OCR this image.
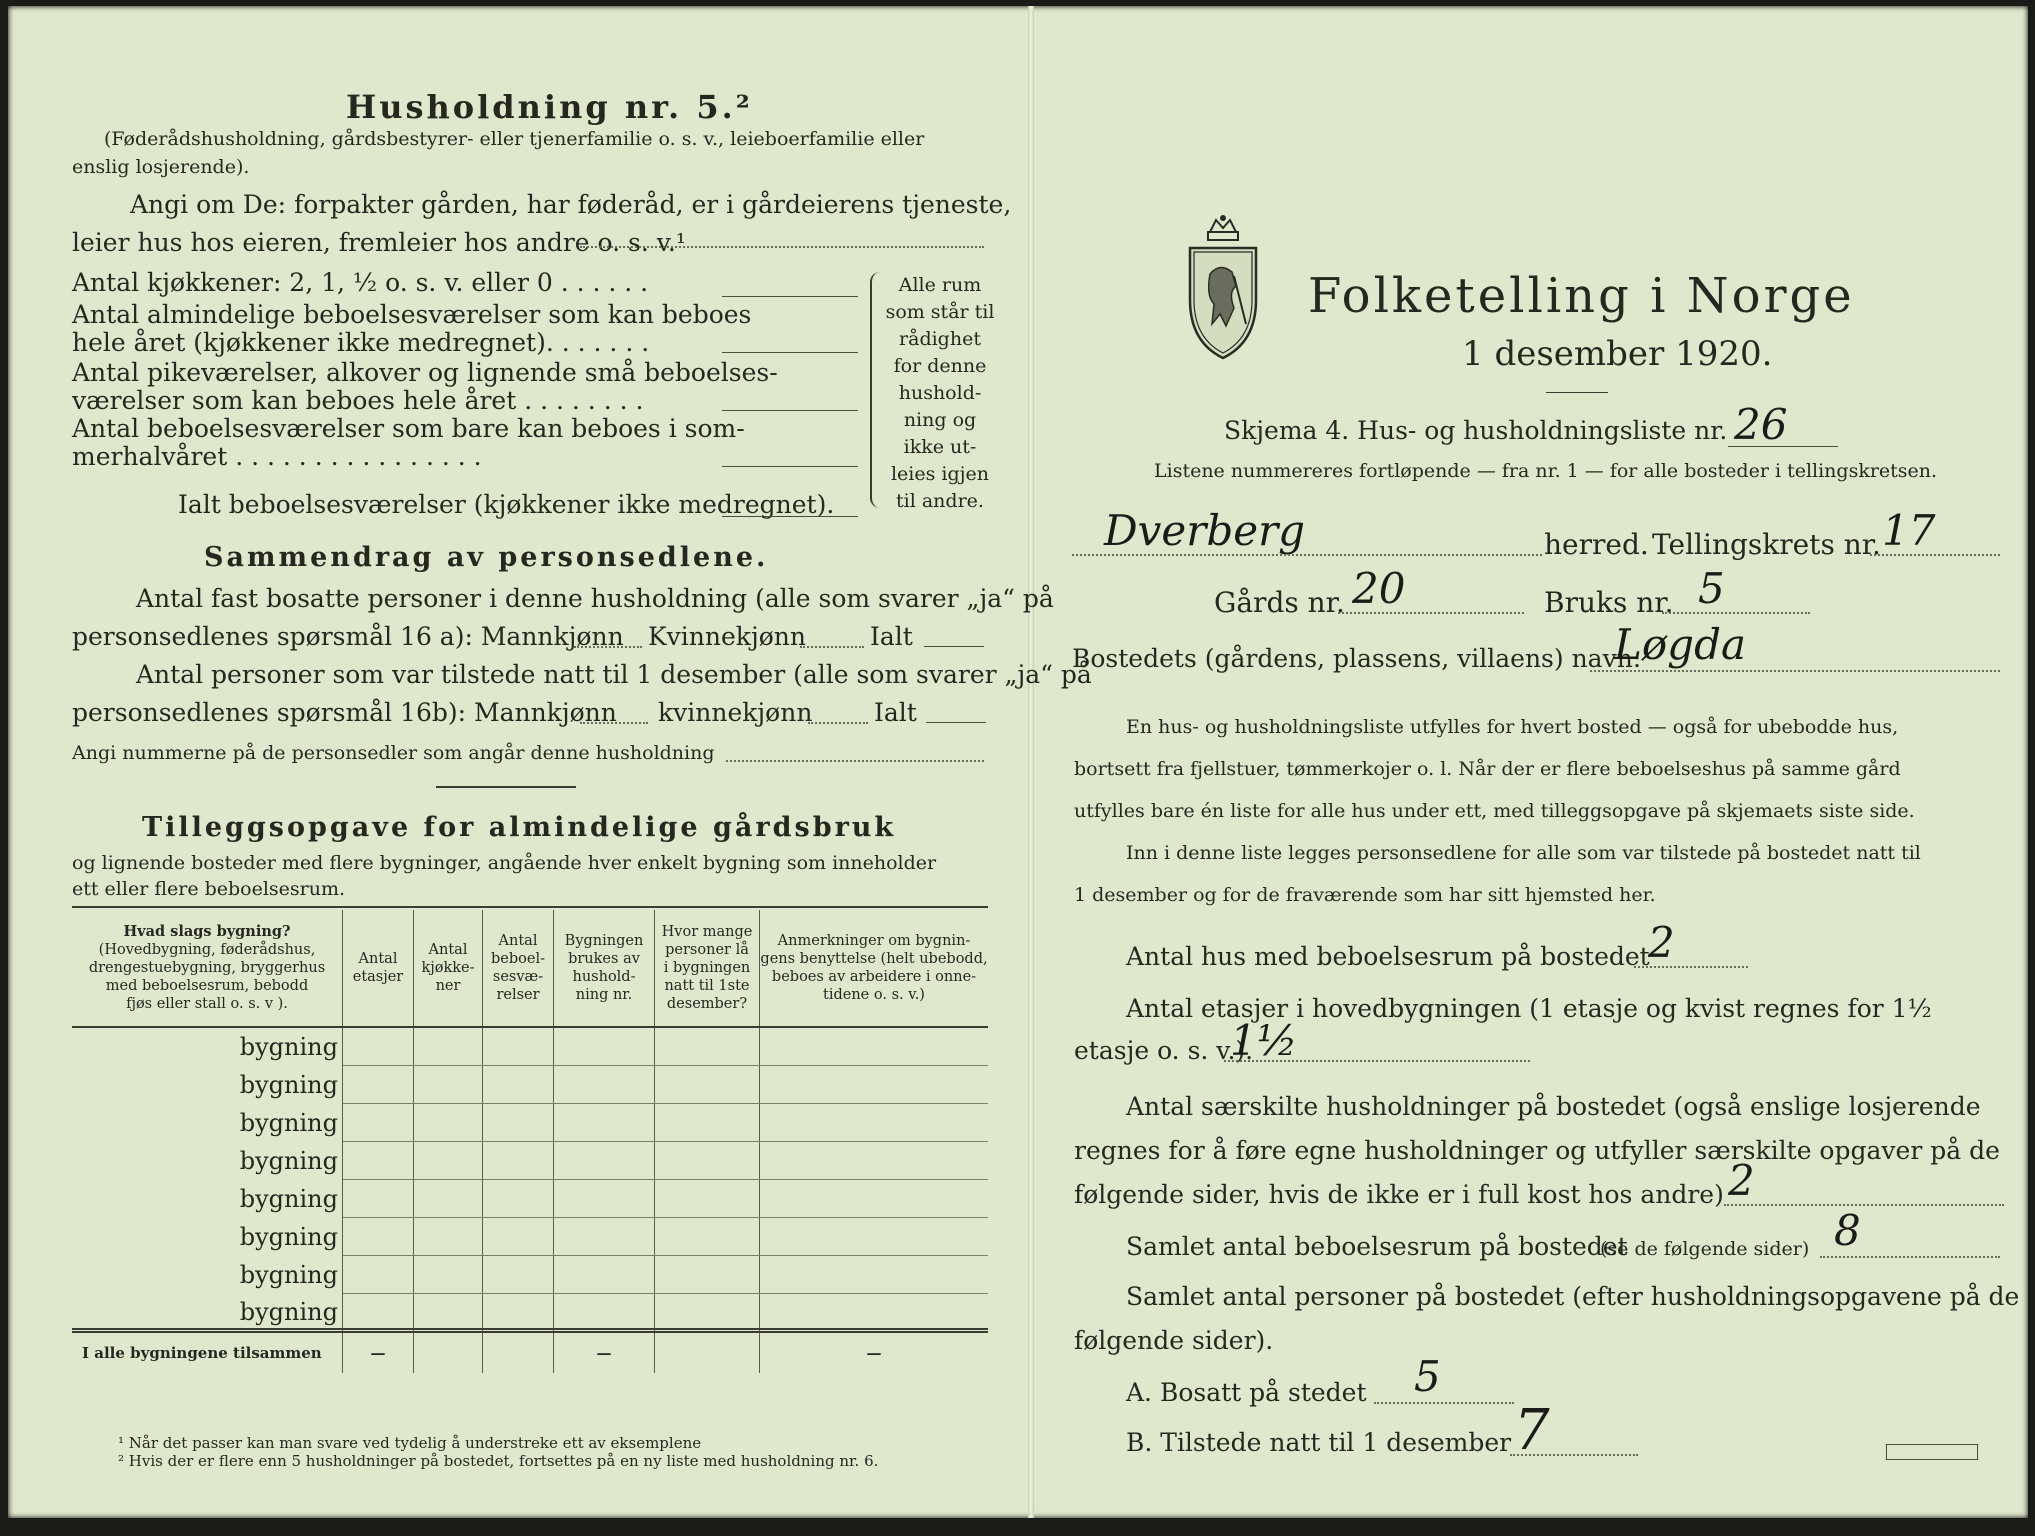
Husholdning nr. 5.²
(Føderådshusholdning, gårdsbestyrer- eller tjenerfamilie o. s. v., leieboerfamilie eller
enslig losjerende).
Angi om De: forpakter gården, har føderåd, er i gårdeierens tjeneste,
leier hus hos eieren, fremleier hos andre o. s. v.¹
Antal kjøkkener: 2, 1, ½ o. s. v. eller 0 . . . . . .
Antal almindelige beboelsesværelser som kan beboes
hele året (kjøkkener ikke medregnet). . . . . . .
Antal pikeværelser, alkover og lignende små beboelses-
værelser som kan beboes hele året . . . . . . . .
Antal beboelsesværelser som bare kan beboes i som-
merhalvåret . . . . . . . . . . . . . . . .
Ialt beboelsesværelser (kjøkkener ikke medregnet).
Alle rum
som står til
rådighet
for denne
hushold-
ning og
ikke ut-
leies igjen
til andre.
Sammendrag av personsedlene.
Antal fast bosatte personer i denne husholdning (alle som svarer „ja“ på
personsedlenes spørsmål 16 a): Mannkjønn Kvinnekjønn	Ialt
Antal personer som var tilstede natt til 1 desember (alle som svarer „ja“ på
personsedlenes spørsmål 16b): Mannkjønn kvinnekjønn Ialt
Angi nummerne på de personsedler som angår denne husholdning
Tilleggsopgave for almindelige gårdsbruk
og lignende bosteder med flere bygninger, angående hver enkelt bygning som inneholder
ett eller flere beboelsesrum.
Hvad slags bygning?
(Hovedbygning, føderådshus,
drengestuebygning, bryggerhus
med beboelsesrum, bebodd
fjøs eller stall o. s. v ).	Antal
etasjer	Antal
kjøkke-
ner	Antal
beboel-
sesvæ-
relser	Bygningen
brukes av
hushold-
ning nr.	Hvor mange
personer lå
i bygningen
natt til 1ste
desember?	Anmerkninger om bygnin-
gens benyttelse (helt ubebodd,
beboes av arbeidere i onne-
tidene o. s. v.)
bygning						
bygning						
bygning						
bygning						
bygning						
bygning						
bygning						
bygning						
I alle bygningene tilsammen	—			—		—
¹ Når det passer kan man svare ved tydelig å understreke ett av eksemplene
² Hvis der er flere enn 5 husholdninger på bostedet, fortsettes på en ny liste med husholdning nr. 6.
Folketelling i Norge
1 desember 1920.
Skjema 4. Hus- og husholdningsliste nr. 26
Listene nummereres fortløpende — fra nr. 1 — for alle bosteder i tellingskretsen.
Dverberg	herred. Tellingskrets nr. 17
Gårds nr. 20	Bruks nr. 5
Bostedets (gårdens, plassens, villaens) navn:
Løgda
En hus- og husholdningsliste utfylles for hvert bosted — også for ubebodde hus,
bortsett fra fjellstuer, tømmerkojer o. l. Når der er flere beboelseshus på samme gård
utfylles bare én liste for alle hus under ett, med tilleggsopgave på skjemaets siste side.
Inn i denne liste legges personsedlene for alle som var tilstede på bostedet natt til
1 desember og for de fraværende som har sitt hjemsted her.
Antal hus med beboelsesrum på bostedet
2
Antal etasjer i hovedbygningen (1 etasje og kvist regnes for 1½
etasje o. s. v.).
1½
Antal særskilte husholdninger på bostedet (også enslige losjerende
regnes for å føre egne husholdninger og utfyller særskilte opgaver på de
følgende sider, hvis de ikke er i full kost hos andre) 2
Samlet antal beboelsesrum på bostedet
(se de følgende sider) 8
Samlet antal personer på bostedet (efter husholdningsopgavene på de
følgende sider).
A. Bosatt på stedet 5
B. Tilstede natt til 1 desember 7
